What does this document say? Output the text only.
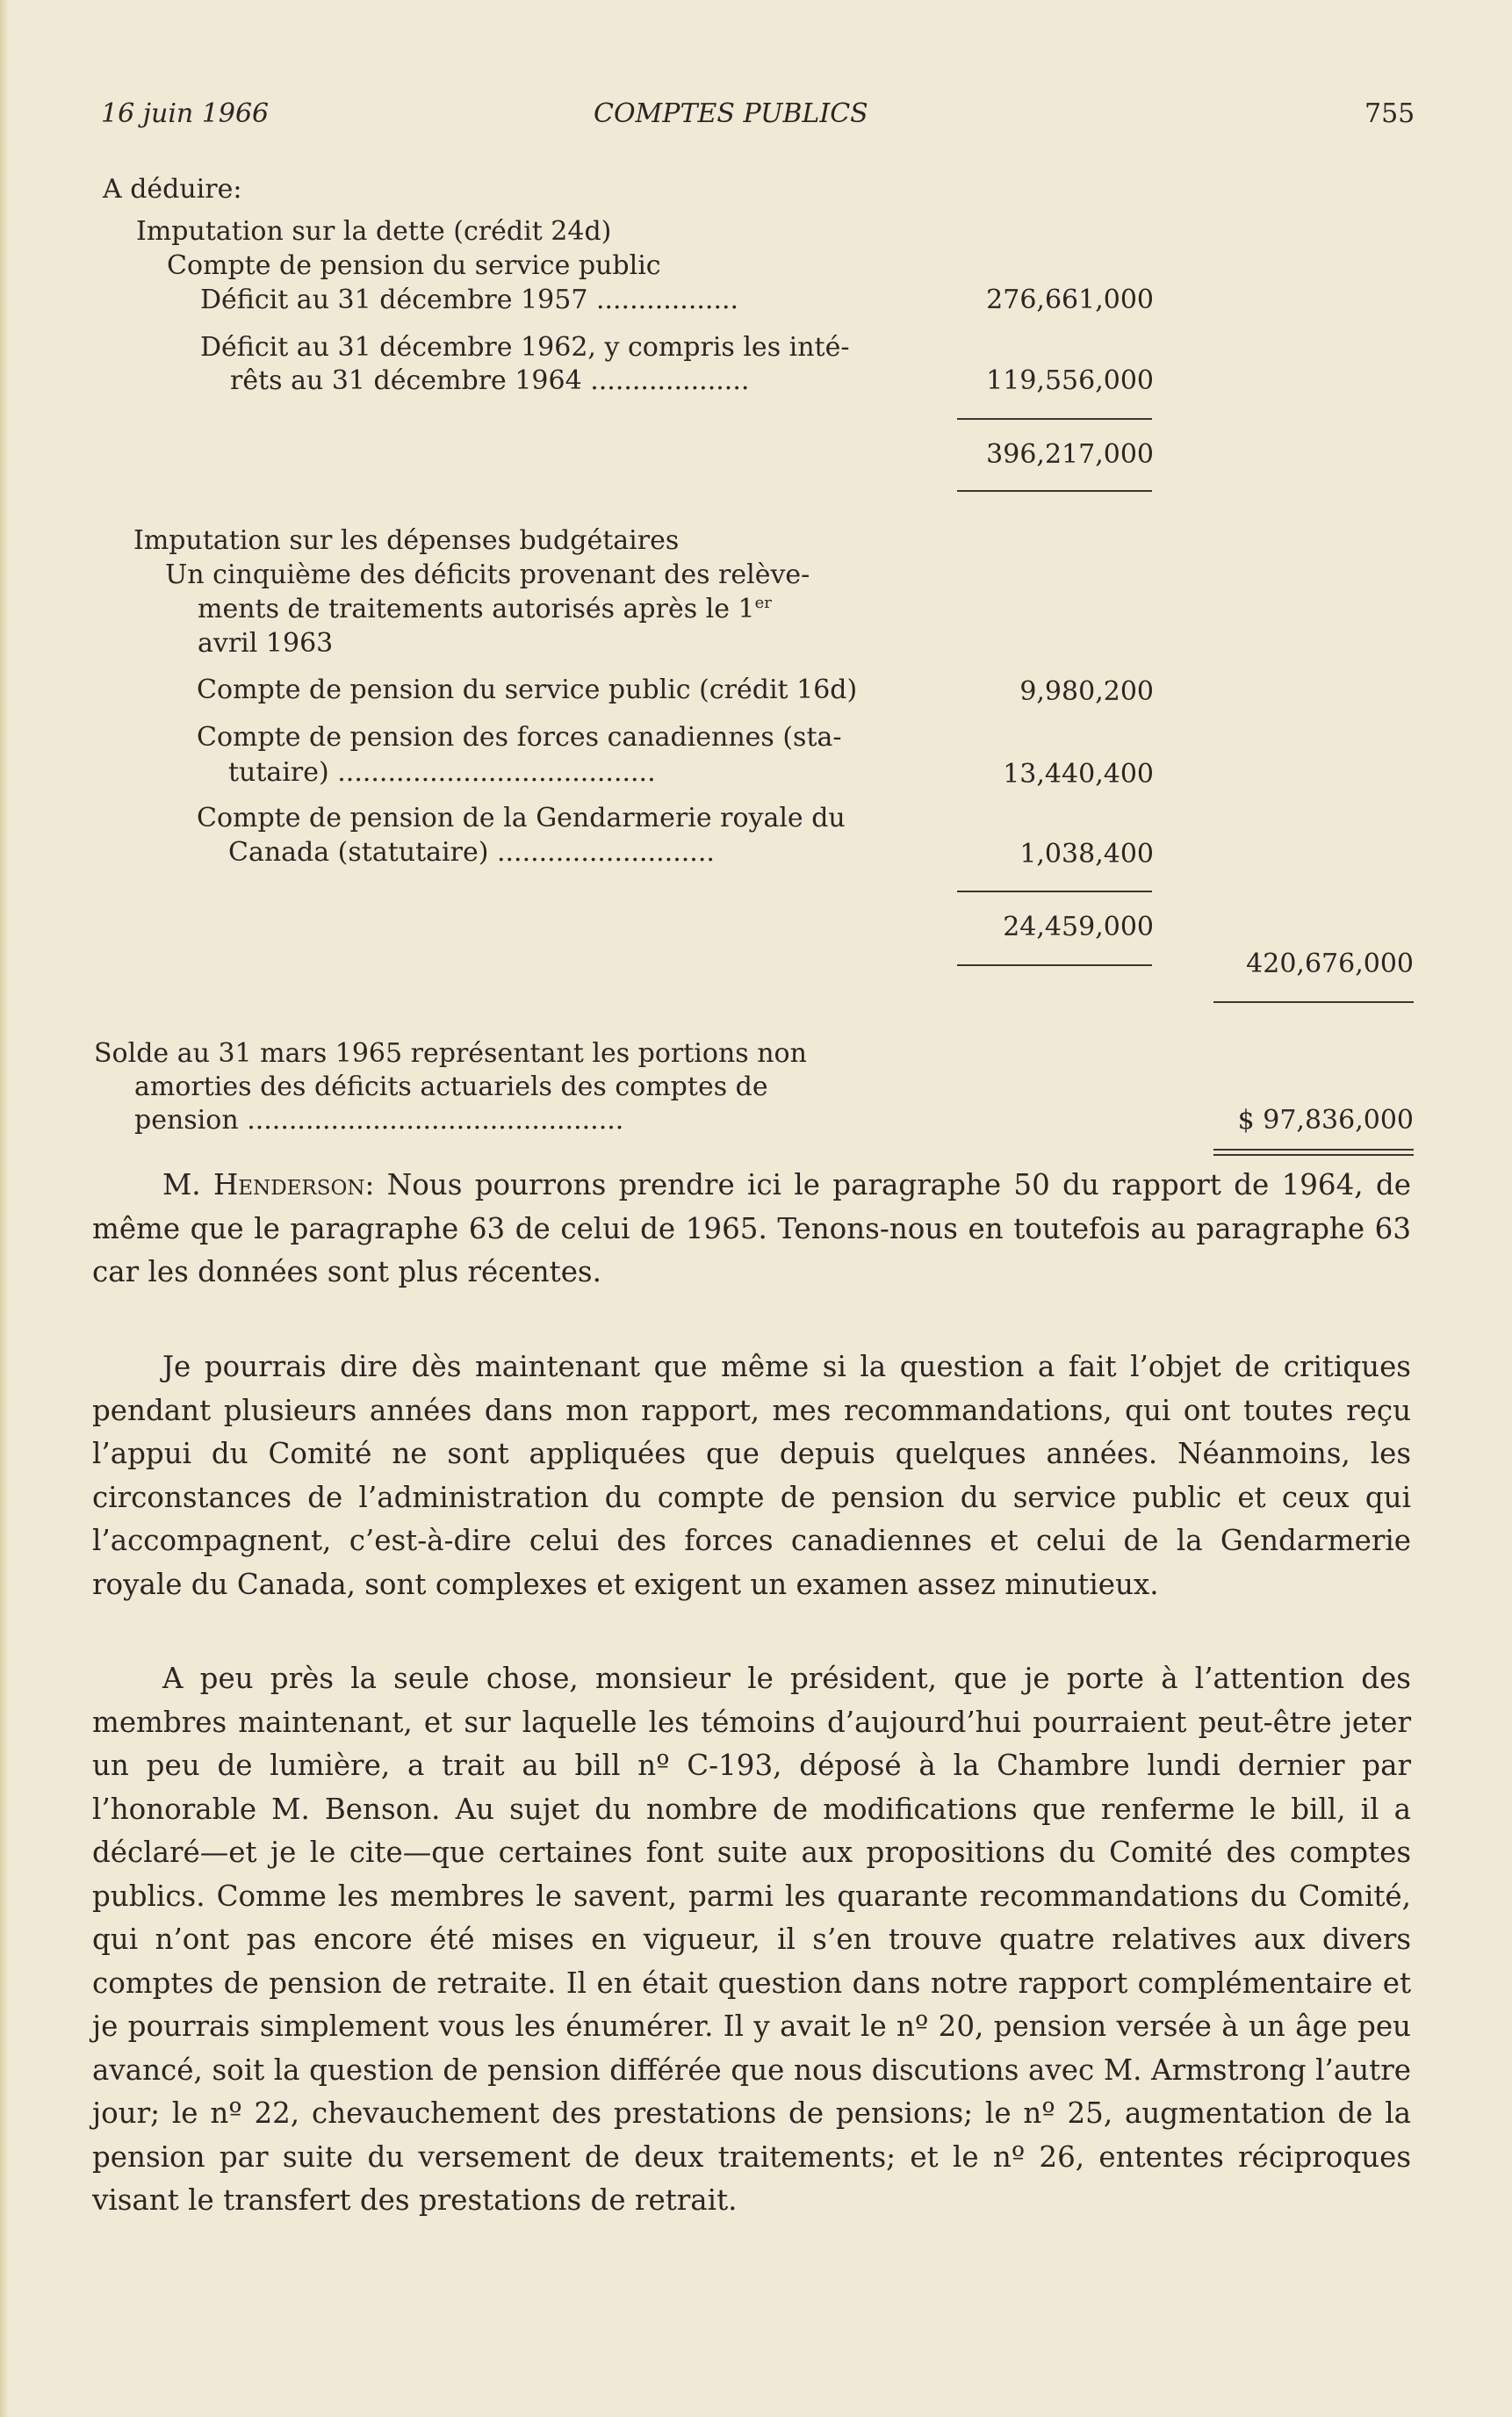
16 juin 1966	COMPTES PUBLICS	755
A déduire:
Imputation sur la dette (crédit 24d)
Compte de pension du service public
Déficit au 31 décembre 1957 .................	276,661,000
Déficit au 31 décembre 1962, y compris les inté-
rêts au 31 décembre 1964 ...................	119,556,000
396,217,000
Imputation sur les dépenses budgétaires
Un cinquième des déficits provenant des relève-
ments de traitements autorisés après le 1er
avril 1963
Compte de pension du service public (crédit 16d)	9,980,200
Compte de pension des forces canadiennes (sta-
tutaire) ......................................	13,440,400
Compte de pension de la Gendarmerie royale du
Canada (statutaire) ..........................	1,038,400
24,459,000
420,676,000
Solde au 31 mars 1965 représentant les portions non
amorties des déficits actuariels des comptes de
pension .............................................	$ 97,836,000
M. Henderson: Nous pourrons prendre ici le paragraphe 50 du rapport de 1964, de même que le paragraphe 63 de celui de 1965. Tenons-nous en toutefois au paragraphe 63 car les données sont plus récentes.
Je pourrais dire dès maintenant que même si la question a fait l’objet de critiques pendant plusieurs années dans mon rapport, mes recommandations, qui ont toutes reçu l’appui du Comité ne sont appliquées que depuis quelques années. Néanmoins, les circonstances de l’administration du compte de pension du service public et ceux qui l’accompagnent, c’est-à-dire celui des forces canadiennes et celui de la Gendarmerie royale du Canada, sont complexes et exigent un examen assez minutieux.
A peu près la seule chose, monsieur le président, que je porte à l’attention des membres maintenant, et sur laquelle les témoins d’aujourd’hui pourraient peut-être jeter un peu de lumière, a trait au bill nº C-193, déposé à la Chambre lundi dernier par l’honorable M. Benson. Au sujet du nombre de modifications que renferme le bill, il a déclaré—et je le cite—que certaines font suite aux propositions du Comité des comptes publics. Comme les membres le savent, parmi les quarante recommandations du Comité, qui n’ont pas encore été mises en vigueur, il s’en trouve quatre relatives aux divers comptes de pension de retraite. Il en était question dans notre rapport complémentaire et je pourrais simplement vous les énumérer. Il y avait le nº 20, pension versée à un âge peu avancé, soit la question de pension différée que nous discutions avec M. Armstrong l’autre jour; le nº 22, chevauchement des prestations de pensions; le nº 25, augmentation de la pension par suite du versement de deux traitements; et le nº 26, ententes réciproques visant le transfert des prestations de retrait.
